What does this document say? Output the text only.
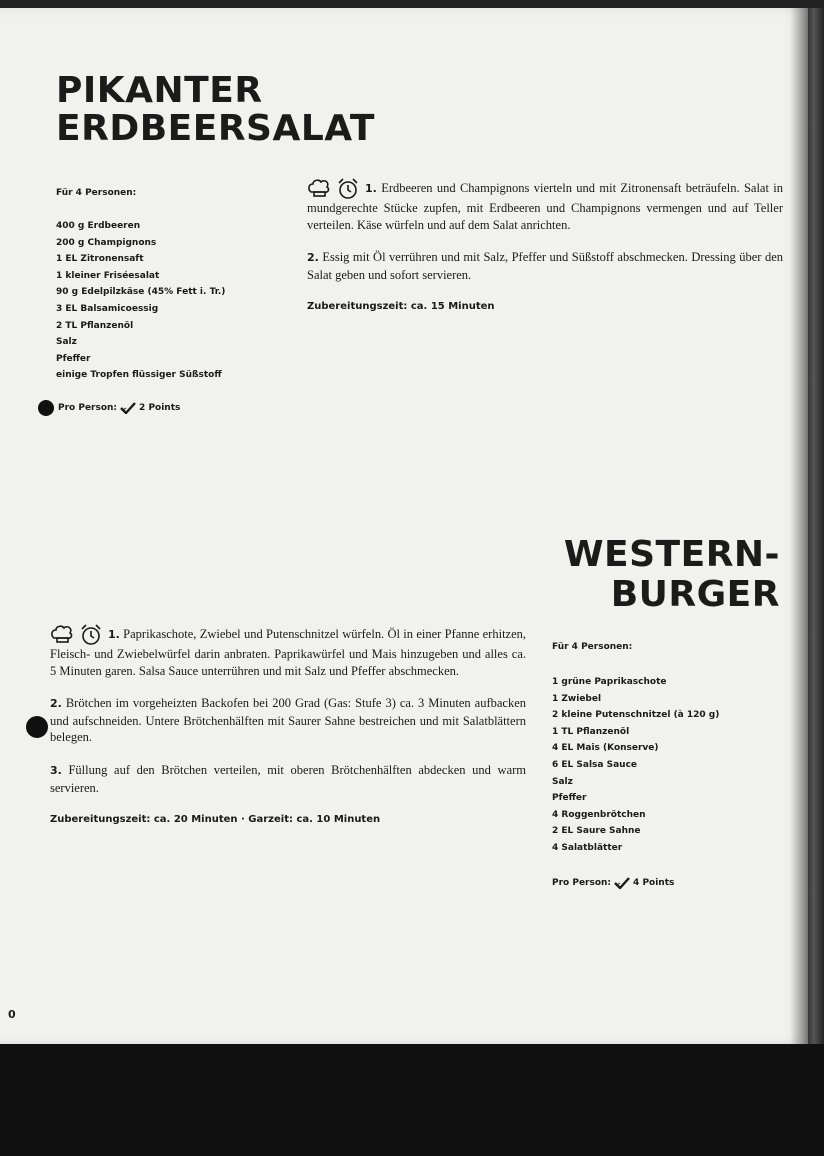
PIKANTER
ERDBEERSALAT
Für 4 Personen:
400 g Erdbeeren
200 g Champignons
1 EL Zitronensaft
1 kleiner Friséesalat
90 g Edelpilzkäse (45% Fett i. Tr.)
3 EL Balsamicoessig
2 TL Pflanzenöl
Salz
Pfeffer
einige Tropfen flüssiger Süßstoff
Pro Person: 2 Points

1. Erdbeeren und Champignons vierteln und mit Zitronensaft beträufeln. Salat in mundgerechte Stücke zupfen, mit Erdbeeren und Champignons vermengen und auf Teller verteilen. Käse würfeln und auf dem Salat anrichten.

2. Essig mit Öl verrühren und mit Salz, Pfeffer und Süßstoff abschmecken. Dressing über den Salat geben und sofort servieren.

Zubereitungszeit: ca. 15 Minuten
WESTERN-
BURGER

1. Paprikaschote, Zwiebel und Putenschnitzel würfeln. Öl in einer Pfanne erhitzen, Fleisch- und Zwiebelwürfel darin anbraten. Paprikawürfel und Mais hinzugeben und alles ca. 5 Minuten garen. Salsa Sauce unterrühren und mit Salz und Pfeffer abschmecken.

2. Brötchen im vorgeheizten Backofen bei 200 Grad (Gas: Stufe 3) ca. 3 Minuten aufbacken und aufschneiden. Untere Brötchenhälften mit Saurer Sahne bestreichen und mit Salatblättern belegen.

3. Füllung auf den Brötchen verteilen, mit oberen Brötchenhälften abdecken und warm servieren.

Zubereitungszeit: ca. 20 Minuten · Garzeit: ca. 10 Minuten
Für 4 Personen:
1 grüne Paprikaschote
1 Zwiebel
2 kleine Putenschnitzel (à 120 g)
1 TL Pflanzenöl
4 EL Mais (Konserve)
6 EL Salsa Sauce
Salz
Pfeffer
4 Roggenbrötchen
2 EL Saure Sahne
4 Salatblätter
Pro Person: 4 Points
0
